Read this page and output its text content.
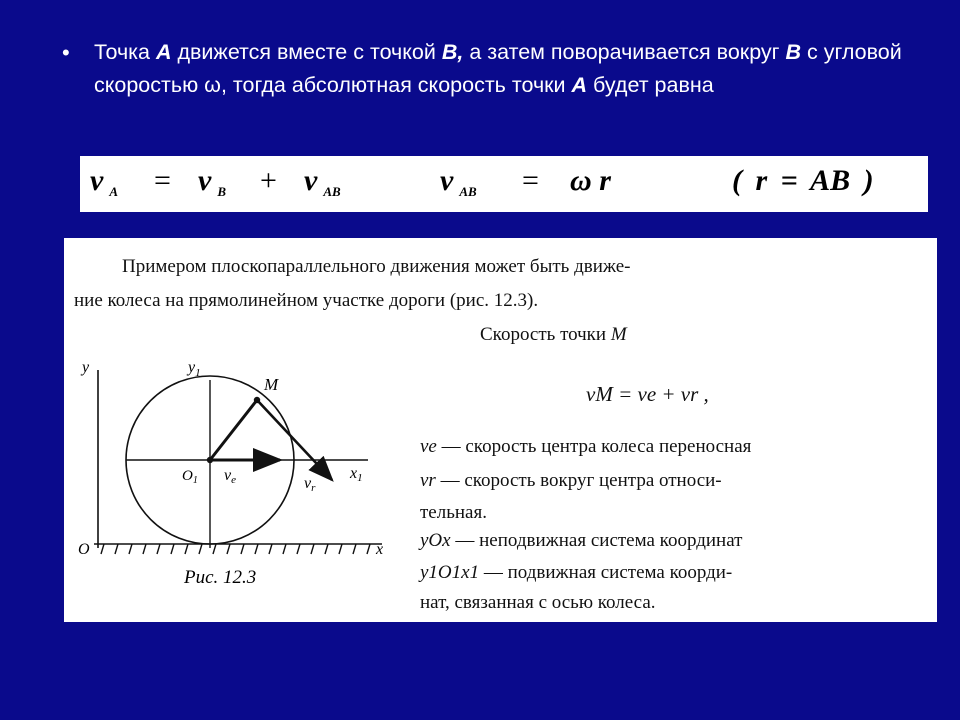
• Точка A движется вместе с точкой B, а затем поворачивается вокруг B с угловой скоростью ω, тогда абсолютная скорость точки A будет равна
v $_A$ = v $_B$ + v $_{AB}$	v $_{AB}$ = ω r	( r = AB )
Примером плоскопараллельного движения может быть движе-
ние колеса на прямолинейном участке дороги (рис. 12.3).
Скорость точки M
vM = ve + vr ,
ve — скорость центра колеса переносная
vr — скорость вокруг центра относи-
тельная.
yOx — неподвижная система координат
y1O1x1 — подвижная система коорди-
нат, связанная с осью колеса.
y	$y_1$
M
$O_1$ ve	vr
x1
O	x
Рис. 12.3
